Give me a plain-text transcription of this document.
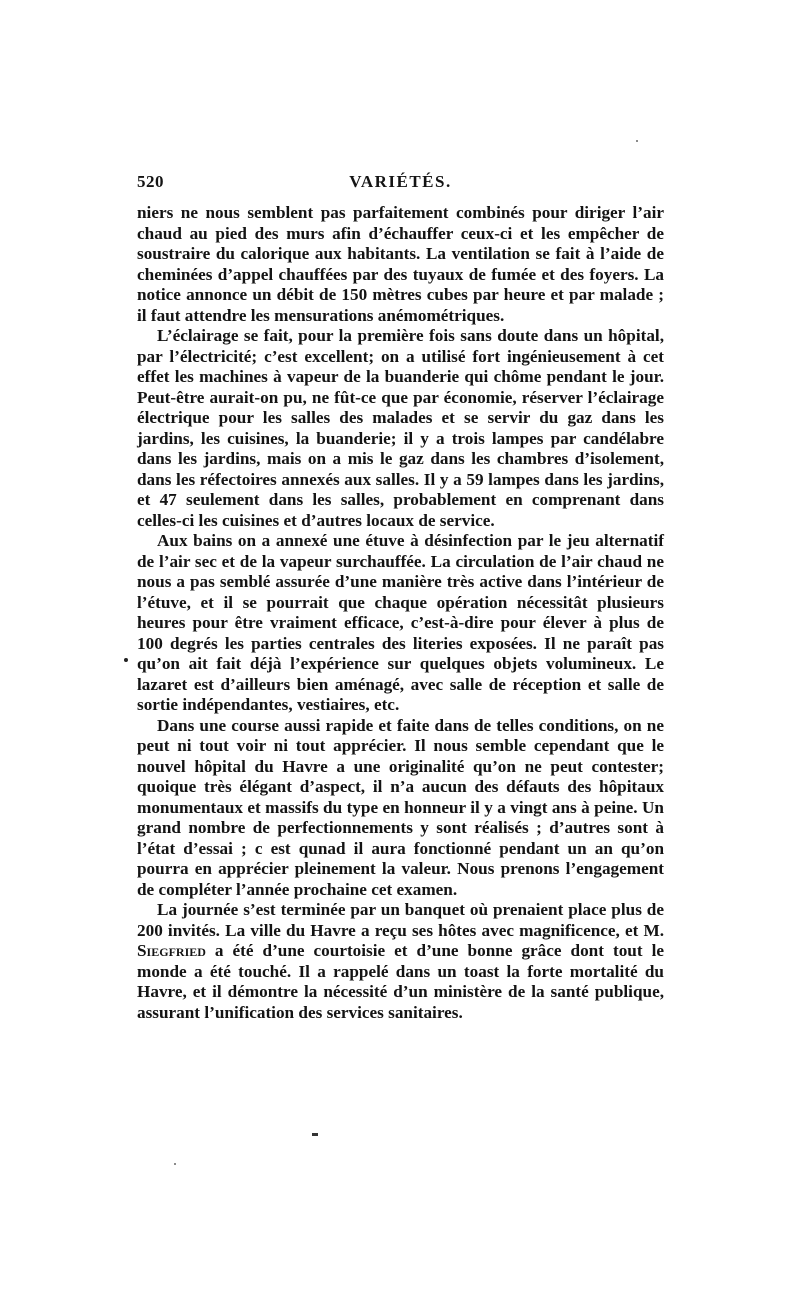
520	VARIÉTÉS.

niers ne nous semblent pas parfaitement combinés pour diriger l’air chaud au pied des murs afin d’échauffer ceux-ci et les empêcher de soustraire du calorique aux habitants. La ventilation se fait à l’aide de cheminées d’appel chauffées par des tuyaux de fumée et des foyers. La notice annonce un débit de 150 mètres cubes par heure et par malade ; il faut attendre les mensurations anémométriques.

L’éclairage se fait, pour la première fois sans doute dans un hôpital, par l’électricité; c’est excellent; on a utilisé fort ingénieusement à cet effet les machines à vapeur de la buanderie qui chôme pendant le jour. Peut-être aurait-on pu, ne fût-ce que par économie, réserver l’éclairage électrique pour les salles des malades et se servir du gaz dans les jardins, les cuisines, la buanderie; il y a trois lampes par candélabre dans les jardins, mais on a mis le gaz dans les chambres d’isolement, dans les réfectoires annexés aux salles. Il y a 59 lampes dans les jardins, et 47 seulement dans les salles, probablement en comprenant dans celles-ci les cuisines et d’autres locaux de service.

Aux bains on a annexé une étuve à désinfection par le jeu alternatif de l’air sec et de la vapeur surchauffée. La circulation de l’air chaud ne nous a pas semblé assurée d’une manière très active dans l’intérieur de l’étuve, et il se pourrait que chaque opération nécessitât plusieurs heures pour être vraiment efficace, c’est-à-dire pour élever à plus de 100 degrés les parties centrales des literies exposées. Il ne paraît pas qu’on ait fait déjà l’expérience sur quelques objets volumineux. Le lazaret est d’ailleurs bien aménagé, avec salle de réception et salle de sortie indépendantes, vestiaires, etc.

Dans une course aussi rapide et faite dans de telles conditions, on ne peut ni tout voir ni tout apprécier. Il nous semble cependant que le nouvel hôpital du Havre a une originalité qu’on ne peut contester; quoique très élégant d’aspect, il n’a aucun des défauts des hôpitaux monumentaux et massifs du type en honneur il y a vingt ans à peine. Un grand nombre de perfectionnements y sont réalisés ; d’autres sont à l’état d’essai ; c est qunad il aura fonctionné pendant un an qu’on pourra en apprécier pleinement la valeur. Nous prenons l’engagement de compléter l’année prochaine cet examen.

La journée s’est terminée par un banquet où prenaient place plus de 200 invités. La ville du Havre a reçu ses hôtes avec magnificence, et M. Siegfried a été d’une courtoisie et d’une bonne grâce dont tout le monde a été touché. Il a rappelé dans un toast la forte mortalité du Havre, et il démontre la nécessité d’un ministère de la santé publique, assurant l’unification des services sanitaires.
